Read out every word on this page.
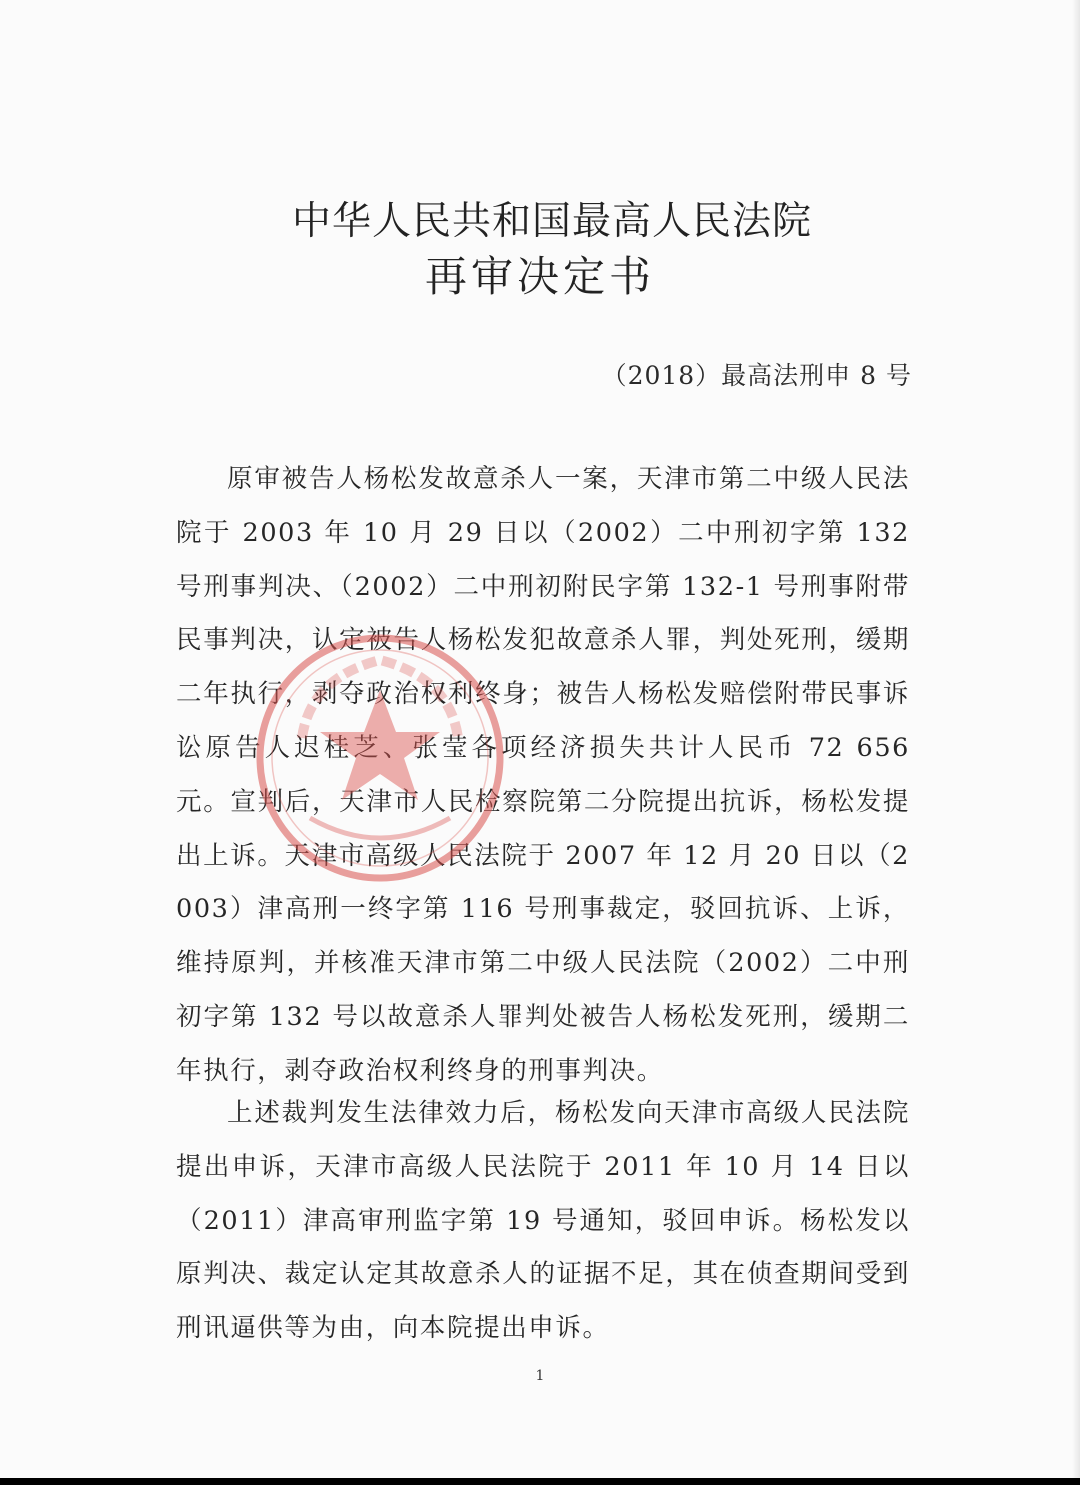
中华人民共和国最高人民法院
再审决定书
（2018）最高法刑申 8 号

原审被告人杨松发故意杀人一案，天津市第二中级人民法院于 2003 年 10 月 29 日以（2002）二中刑初字第 132 号刑事判决、（2002）二中刑初附民字第 132-1 号刑事附带民事判决，认定被告人杨松发犯故意杀人罪，判处死刑，缓期二年执行，剥夺政治权利终身；被告人杨松发赔偿附带民事诉讼原告人迟桂芝、张莹各项经济损失共计人民币 72 656 元。宣判后，天津市人民检察院第二分院提出抗诉，杨松发提出上诉。天津市高级人民法院于 2007 年 12 月 20 日以（2003）津高刑一终字第 116 号刑事裁定，驳回抗诉、上诉，维持原判，并核准天津市第二中级人民法院（2002）二中刑初字第 132 号以故意杀人罪判处被告人杨松发死刑，缓期二年执行，剥夺政治权利终身的刑事判决。

上述裁判发生法律效力后，杨松发向天津市高级人民法院提出申诉，天津市高级人民法院于 2011 年 10 月 14 日以（2011）津高审刑监字第 19 号通知，驳回申诉。杨松发以原判决、裁定认定其故意杀人的证据不足，其在侦查期间受到刑讯逼供等为由，向本院提出申诉。

1
